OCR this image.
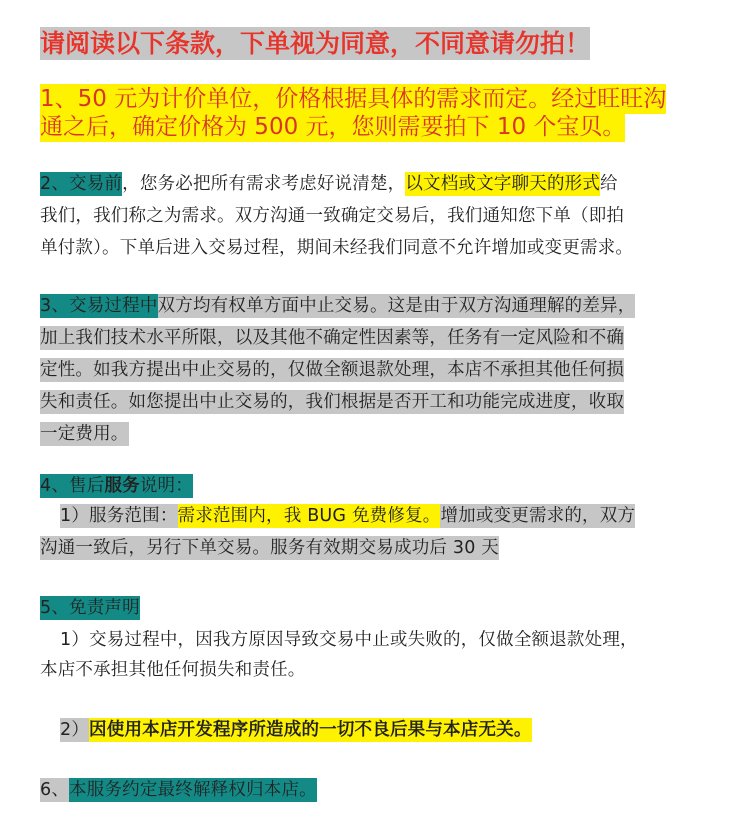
请阅读以下条款，下单视为同意，不同意请勿拍！
1、50 元为计价单位，价格根据具体的需求而定。经过旺旺沟
通之后，确定价格为 500 元，您则需要拍下 10 个宝贝。
2、交易前，您务必把所有需求考虑好说清楚，以文档或文字聊天的形式给
我们，我们称之为需求。双方沟通一致确定交易后，我们通知您下单（即拍
单付款）。下单后进入交易过程，期间未经我们同意不允许增加或变更需求。
3、交易过程中双方均有权单方面中止交易。这是由于双方沟通理解的差异，
加上我们技术水平所限，以及其他不确定性因素等，任务有一定风险和不确
定性。如我方提出中止交易的，仅做全额退款处理，本店不承担其他任何损
失和责任。如您提出中止交易的，我们根据是否开工和功能完成进度，收取
一定费用。
4、售后服务说明：
1）服务范围：需求范围内，我 BUG 免费修复。增加或变更需求的，双方
沟通一致后，另行下单交易。服务有效期交易成功后 30 天
5、免责声明
1）交易过程中，因我方原因导致交易中止或失败的，仅做全额退款处理，
本店不承担其他任何损失和责任。
2）因使用本店开发程序所造成的一切不良后果与本店无关。
6、本服务约定最终解释权归本店。
